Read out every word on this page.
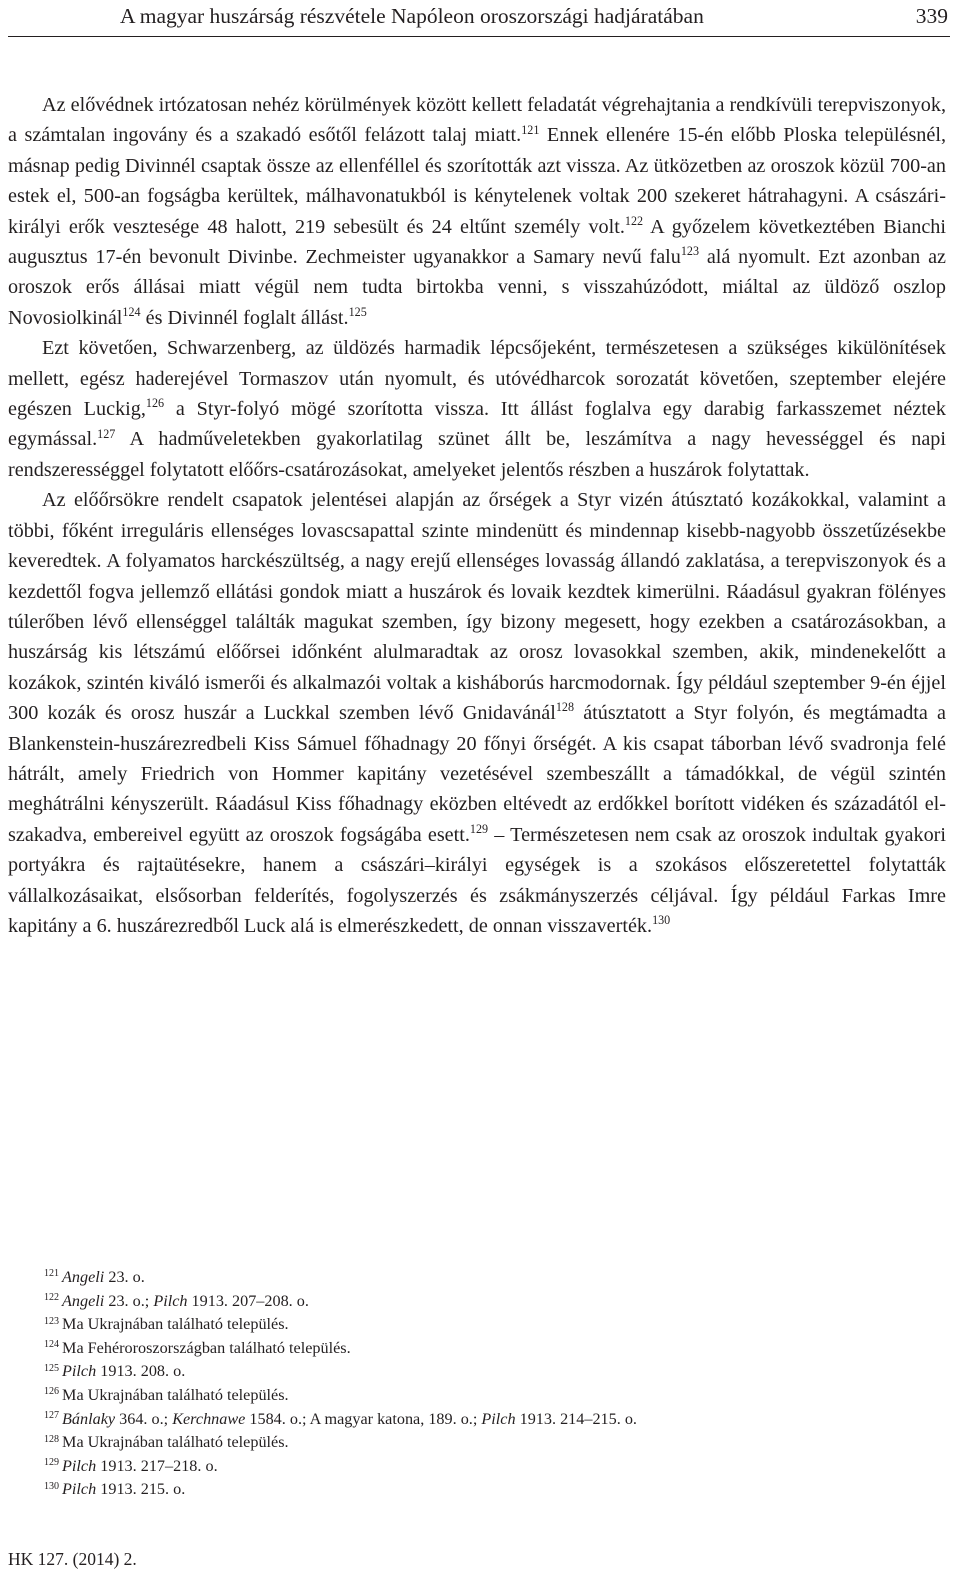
A magyar huszárság részvétele Napóleon oroszországi hadjáratában	339

Az elővédnek irtózatosan nehéz körülmények között kellett feladatát végrehajtania a rendkívüli terepviszonyok, a számtalan ingovány és a szakadó esőtől felázott talaj miatt.$^{121}$ Ennek ellenére 15-én előbb Ploska településnél, másnap pedig Divinnél csaptak össze az ellenféllel és szorították azt vissza. Az ütközetben az oroszok közül 700-an estek el, 500-an fogságba kerültek, málhavonatukból is kénytelenek voltak 200 szekeret hátrahagyni. A császári-királyi erők vesztesége 48 halott, 219 sebesült és 24 eltűnt személy volt.$^{122}$ A győzelem következtében Bianchi augusztus 17-én bevonult Divinbe. Zechmeister ugyanakkor a Samary nevű falu$^{123}$ alá nyomult. Ezt azonban az oroszok erős állásai miatt végül nem tudta birtokba venni, s visszahúzódott, miáltal az üldöző oszlop Novosiolkinál$^{124}$ és Divinnél foglalt állást.$^{125}$

Ezt követően, Schwarzenberg, az üldözés harmadik lépcsőjeként, természetesen a szükséges kikülönítések mellett, egész haderejével Tormaszov után nyomult, és utóvédharcok sorozatát követően, szeptember elejére egészen Luckig,$^{126}$ a Styr-folyó mögé szorította vissza. Itt állást foglalva egy darabig farkasszemet néztek egymással.$^{127}$ A hadműveletekben gyakorlatilag szünet állt be, leszámítva a nagy hevességgel és napi rendszerességgel folytatott előőrs-csatározásokat, amelyeket jelentős részben a huszárok folytattak.

Az előőrsökre rendelt csapatok jelentései alapján az őrségek a Styr vizén átúsztató kozákokkal, valamint a többi, főként irreguláris ellenséges lovascsapattal szinte mindenütt és mindennap kisebb-nagyobb összetűzésekbe keveredtek. A folyamatos harckészültség, a nagy erejű ellenséges lovasság állandó zaklatása, a terepviszonyok és a kezdettől fogva jellemző ellátási gondok miatt a huszárok és lovaik kezdtek kimerülni. Ráadásul gyakran fölényes túlerőben lévő ellenséggel találták magukat szemben, így bizony megesett, hogy ezekben a csatározásokban, a huszárság kis létszámú előőrsei időnként alulmaradtak az orosz lovasokkal szemben, akik, mindenekelőtt a kozákok, szintén kiváló ismerői és alkalmazói voltak a kisháborús harcmodornak. Így például szeptember 9-én éjjel 300 kozák és orosz huszár a Luckkal szemben lévő Gnidavánál$^{128}$ átúsztatott a Styr folyón, és megtámadta a Blankenstein-huszárezredbeli Kiss Sámuel főhadnagy 20 főnyi őrségét. A kis csapat táborban lévő svadronja felé hátrált, amely Friedrich von Hommer kapitány vezetésével szembeszállt a támadókkal, de végül szintén meghátrálni kényszerült. Ráadásul Kiss főhadnagy eközben eltévedt az erdőkkel borított vidéken és századától elszakadva, embereivel együtt az oroszok fogságába esett.$^{129}$ – Természetesen nem csak az oroszok indultak gyakori portyákra és rajtaütésekre, hanem a császári–királyi egységek is a szokásos előszeretettel folytatták vállalkozásaikat, elsősorban felderítés, fogolyszerzés és zsákmányszerzés céljával. Így például Farkas Imre kapitány a 6. huszárezredből Luck alá is elmerészkedett, de onnan visszaverték.$^{130}$

$^{121}$ Angeli 23. o.
$^{122}$ Angeli 23. o.; Pilch 1913. 207–208. o.
$^{123}$ Ma Ukrajnában található település.
$^{124}$ Ma Fehéroroszországban található település.
$^{125}$ Pilch 1913. 208. o.
$^{126}$ Ma Ukrajnában található település.
$^{127}$ Bánlaky 364. o.; Kerchnawe 1584. o.; A magyar katona, 189. o.; Pilch 1913. 214–215. o.
$^{128}$ Ma Ukrajnában található település.
$^{129}$ Pilch 1913. 217–218. o.
$^{130}$ Pilch 1913. 215. o.
HK 127. (2014) 2.
